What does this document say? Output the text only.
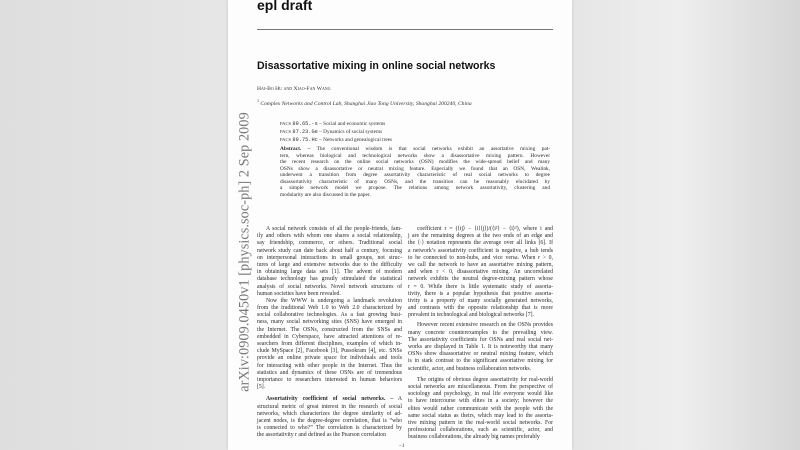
epl draft
Disassortative mixing in online social networks
Hai-Bo Hu and Xiao-Fan Wang
$^1$ Complex Networks and Control Lab, Shanghai Jiao Tong University, Shanghai 200240, China
arXiv:0909.0450v1 [physics.soc-ph] 2 Sep 2009	PACS 89.65.-s – Social and economic systems
PACS 87.23.Ge – Dynamics of social systems
PACS 89.75.Hc – Networks and genealogical trees
Abstract. – The conventional wisdom is that social networks exhibit an assortative mixing pat-
tern, whereas biological and technological networks show a disassortative mixing pattern. However
the recent research on the online social networks (OSN) modifies the wide-spread belief and many
OSNs show a disassortative or neutral mixing feature. Especially we found that an OSN, Wealink,
underwent a transition from degree assortativity characteristic of real social networks to degree
disassortativity characteristic of many OSNs, and the transition can be reasonably elucidated by
a simple network model we propose. The relations among network assortativity, clustering and
modularity are also discussed in the paper.
A social network consists of all the people-friends, fam-
ily and others with whom one shares a social relationship,
say friendship, commerce, or others. Traditional social
network study can date back about half a century, focusing
on interpersonal interactions in small groups, not struc-
tures of large and extensive networks due to the difficulty
in obtaining large data sets [1]. The advent of modern
database technology has greatly stimulated the statistical
analysis of social networks. Novel network structures of
human societies have been revealed.
Now the WWW is undergoing a landmark revolution
from the traditional Web 1.0 to Web 2.0 characterized by
social collaborative technologies. As a fast growing busi-
ness, many social networking sites (SNS) have emerged in
the Internet. The OSNs, constructed from the SNSs and
embedded in Cyberspace, have attracted attentions of re-
searchers from different disciplines, examples of which in-
clude MySpace [2], Facebook [3], Pussokram [4], etc. SNSs
provide an online private space for individuals and tools
for interacting with other people in the Internet. Thus the
statistics and dynamics of these OSNs are of tremendous
importance to researchers interested in human behaviors
[5].
Assortativity coefficient of social networks. – A
structural metric of great interest in the research of social
networks, which characterizes the degree similarity of ad-
jacent nodes, is the degree-degree correlation, that is “who
is connected to who?” The correlation is characterized by
the assortativity r and defined as the Pearson correlation
coefficient r = (⟨ij⟩ − ⟨i⟩⟨j⟩)/(⟨i²⟩ − ⟨i⟩²), where i and
j are the remaining degrees at the two ends of an edge and
the ⟨·⟩ notation represents the average over all links [6]. If
a network’s assortativity coefficient is negative, a hub tends
to be connected to non-hubs, and vice versa. When r > 0,
we call the network to have an assortative mixing pattern,
and when r < 0, disassortative mixing. An uncorrelated
network exhibits the neutral degree-mixing pattern whose
r = 0. While there is little systematic study of assorta-
tivity, there is a popular hypothesis that positive assorta-
tivity is a property of many socially generated networks,
and contrasts with the opposite relationship that is more
prevalent in technological and biological networks [7].
However recent extensive research on the OSNs provides
many concrete counterexamples to the prevailing view.
The assortativity coefficients for OSNs and real social net-
works are displayed in Table 1. It is noteworthy that many
OSNs show disassortative or neutral mixing feature, which
is in stark contrast to the significant assortative mixing for
scientific, actor, and business collaboration networks.
The origins of obvious degree assortativity for real-world
social networks are miscellaneous. From the perspective of
sociology and psychology, in real life everyone would like
to have intercourse with elites in a society; however the
elites would rather communicate with the people with the
same social status as theirs, which may lead to the assorta-
tive mixing pattern in the real-world social networks. For
professional collaborations, such as scientific, actor, and
business collaborations, the already big names preferably
–1
